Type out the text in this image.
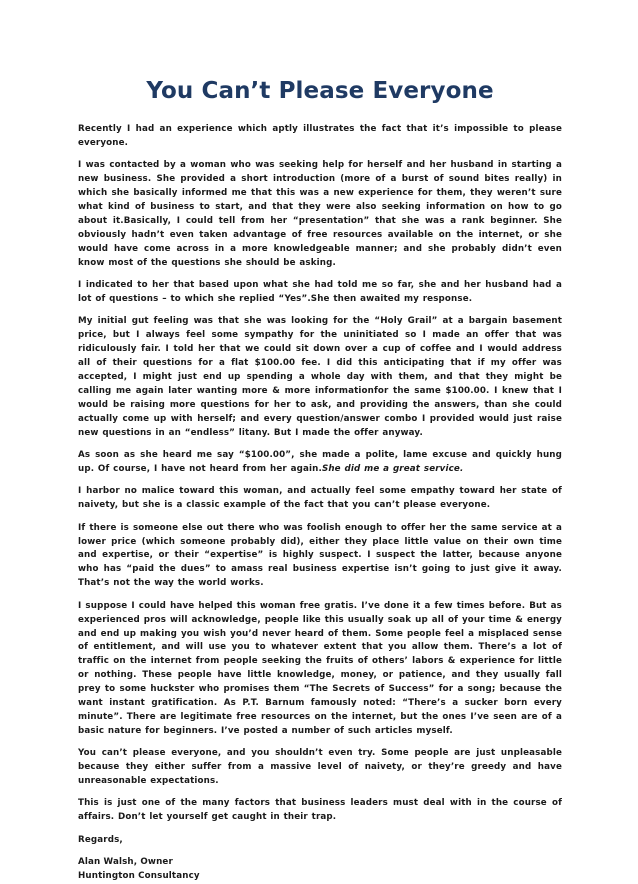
You Can’t Please Everyone

Recently I had an experience which aptly illustrates the fact that it’s impossible to please everyone.

I was contacted by a woman who was seeking help for herself and her husband in starting a new business. She provided a short introduction (more of a burst of sound bites really) in which she basically informed me that this was a new experience for them, they weren’t sure what kind of business to start, and that they were also seeking information on how to go about it.Basically, I could tell from her “presentation” that she was a rank beginner. She obviously hadn’t even taken advantage of free resources available on the internet, or she would have come across in a more knowledgeable manner; and she probably didn’t even know most of the questions she should be asking.

I indicated to her that based upon what she had told me so far, she and her husband had a lot of questions – to which she replied “Yes”.She then awaited my response.

My initial gut feeling was that she was looking for the “Holy Grail” at a bargain basement price, but I always feel some sympathy for the uninitiated so I made an offer that was ridiculously fair. I told her that we could sit down over a cup of coffee and I would address all of their questions for a flat $100.00 fee. I did this anticipating that if my offer was accepted, I might just end up spending a whole day with them, and that they might be calling me again later wanting more & more informationfor the same $100.00. I knew that I would be raising more questions for her to ask, and providing the answers, than she could actually come up with herself; and every question/answer combo I provided would just raise new questions in an “endless” litany. But I made the offer anyway.

As soon as she heard me say “$100.00”, she made a polite, lame excuse and quickly hung up. Of course, I have not heard from her again.She did me a great service.

I harbor no malice toward this woman, and actually feel some empathy toward her state of naivety, but she is a classic example of the fact that you can’t please everyone.

If there is someone else out there who was foolish enough to offer her the same service at a lower price (which someone probably did), either they place little value on their own time and expertise, or their “expertise” is highly suspect. I suspect the latter, because anyone who has “paid the dues” to amass real business expertise isn’t going to just give it away. That’s not the way the world works.

I suppose I could have helped this woman free gratis. I’ve done it a few times before. But as experienced pros will acknowledge, people like this usually soak up all of your time & energy and end up making you wish you’d never heard of them. Some people feel a misplaced sense of entitlement, and will use you to whatever extent that you allow them. There’s a lot of traffic on the internet from people seeking the fruits of others’ labors & experience for little or nothing. These people have little knowledge, money, or patience, and they usually fall prey to some huckster who promises them “The Secrets of Success” for a song; because the want instant gratification. As P.T. Barnum famously noted: “There’s a sucker born every minute”. There are legitimate free resources on the internet, but the ones I’ve seen are of a basic nature for beginners. I’ve posted a number of such articles myself.

You can’t please everyone, and you shouldn’t even try. Some people are just unpleasable because they either suffer from a massive level of naivety, or they’re greedy and have unreasonable expectations.

This is just one of the many factors that business leaders must deal with in the course of affairs. Don’t let yourself get caught in their trap.

Regards,

Alan Walsh, Owner

Huntington Consultancy
